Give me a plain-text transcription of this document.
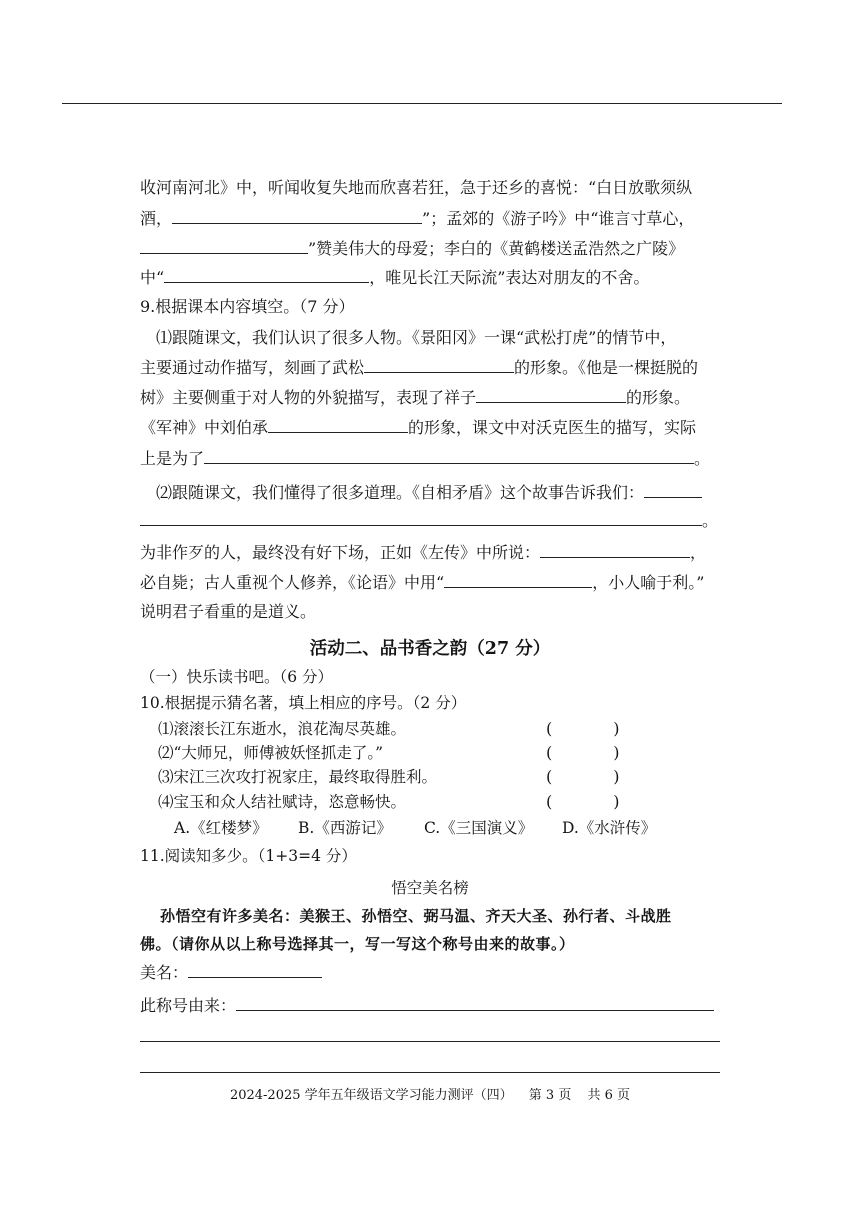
收河南河北》中，听闻收复失地而欣喜若狂，急于还乡的喜悦：“白日放歌须纵
酒，	”；孟郊的《游子吟》中“谁言寸草心，
”赞美伟大的母爱；李白的《黄鹤楼送孟浩然之广陵》
中“	，唯见长江天际流”表达对朋友的不舍。
9.根据课本内容填空。（7 分）
⑴跟随课文，我们认识了很多人物。《景阳冈》一课“武松打虎”的情节中，
主要通过动作描写，刻画了武松	的形象。《他是一棵挺脱的
树》主要侧重于对人物的外貌描写，表现了祥子	的形象。
《军神》中刘伯承	的形象，课文中对沃克医生的描写，实际
上是为了	。
⑵跟随课文，我们懂得了很多道理。《自相矛盾》这个故事告诉我们：
。
为非作歹的人，最终没有好下场，正如《左传》中所说：	，
必自毙；古人重视个人修养，《论语》中用“	，小人喻于利。”
说明君子看重的是道义。
活动二、品书香之韵（27 分）
（一）快乐读书吧。（6 分）
10.根据提示猜名著，填上相应的序号。（2 分）
⑴滚滚长江东逝水，浪花淘尽英雄。	(            )
⑵“大师兄，师傅被妖怪抓走了。”	(            )
⑶宋江三次攻打祝家庄，最终取得胜利。	(            )
⑷宝玉和众人结社赋诗，恣意畅快。	(            )
A.《红楼梦》 B.《西游记》 C.《三国演义》 D.《水浒传》
11.阅读知多少。（1+3=4 分）
悟空美名榜
孙悟空有许多美名：美猴王、孙悟空、弼马温、齐天大圣、孙行者、斗战胜
佛。（请你从以上称号选择其一，写一写这个称号由来的故事。）
美名：
此称号由来：
2024-2025 学年五年级语文学习能力测评（四） 第 3 页 共 6 页
